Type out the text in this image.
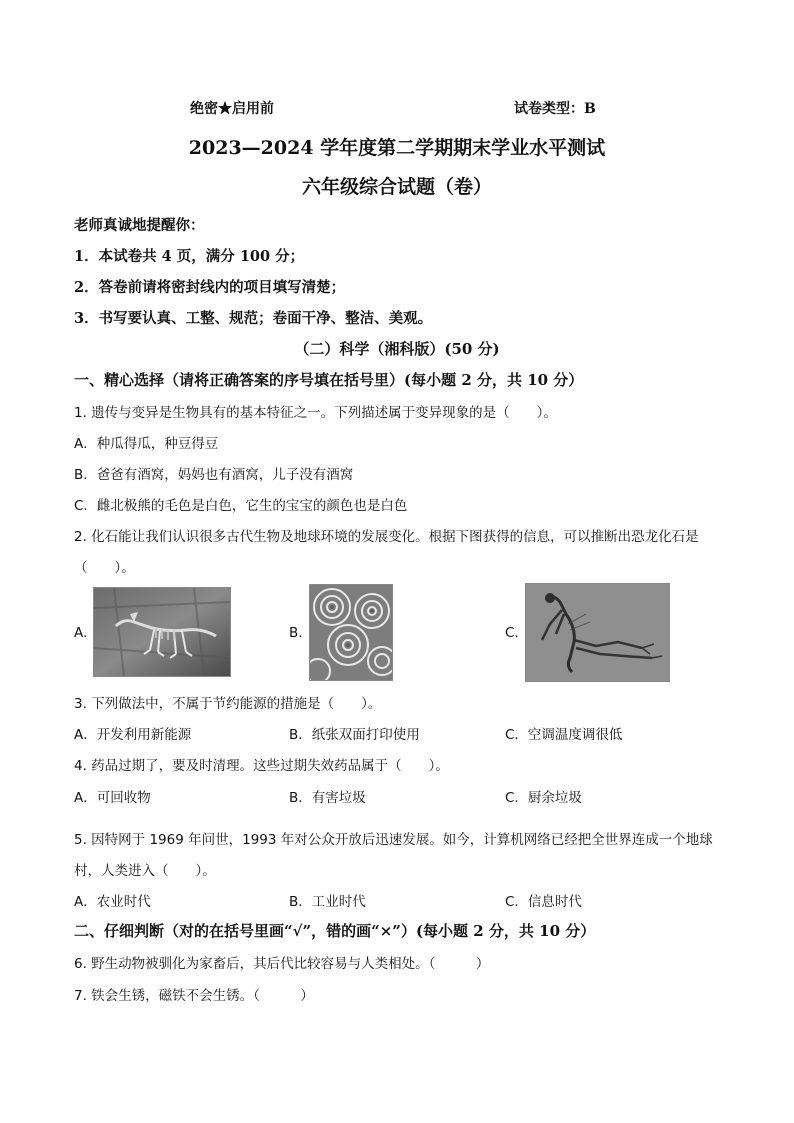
绝密★启用前	试卷类型：B
2023—2024 学年度第二学期期末学业水平测试
六年级综合试题（卷）
老师真诚地提醒你：
1．本试卷共 4 页，满分 100 分；
2．答卷前请将密封线内的项目填写清楚；
3．书写要认真、工整、规范；卷面干净、整洁、美观。
（二）科学（湘科版）(50 分)
一、精心选择（请将正确答案的序号填在括号里）(每小题 2 分，共 10 分）
1. 遗传与变异是生物具有的基本特征之一。下列描述属于变异现象的是（　　）。
A．种瓜得瓜，种豆得豆
B．爸爸有酒窝，妈妈也有酒窝，儿子没有酒窝
C．雌北极熊的毛色是白色，它生的宝宝的颜色也是白色
2. 化石能让我们认识很多古代生物及地球环境的发展变化。根据下图获得的信息，可以推断出恐龙化石是
（　　）。
A.	B.	C.
3. 下列做法中，不属于节约能源的措施是（　　）。
A．开发利用新能源	B．纸张双面打印使用	C．空调温度调很低
4. 药品过期了，要及时清理。这些过期失效药品属于（　　）。
A．可回收物	B．有害垃圾	C．厨余垃圾
5. 因特网于 1969 年问世，1993 年对公众开放后迅速发展。如今，计算机网络已经把全世界连成一个地球
村，人类进入（　　）。
A．农业时代	B．工业时代	C．信息时代
二、仔细判断（对的在括号里画“√”，错的画“×”）(每小题 2 分，共 10 分）
6. 野生动物被驯化为家畜后，其后代比较容易与人类相处。（　　　）
7. 铁会生锈，磁铁不会生锈。（　　　）
